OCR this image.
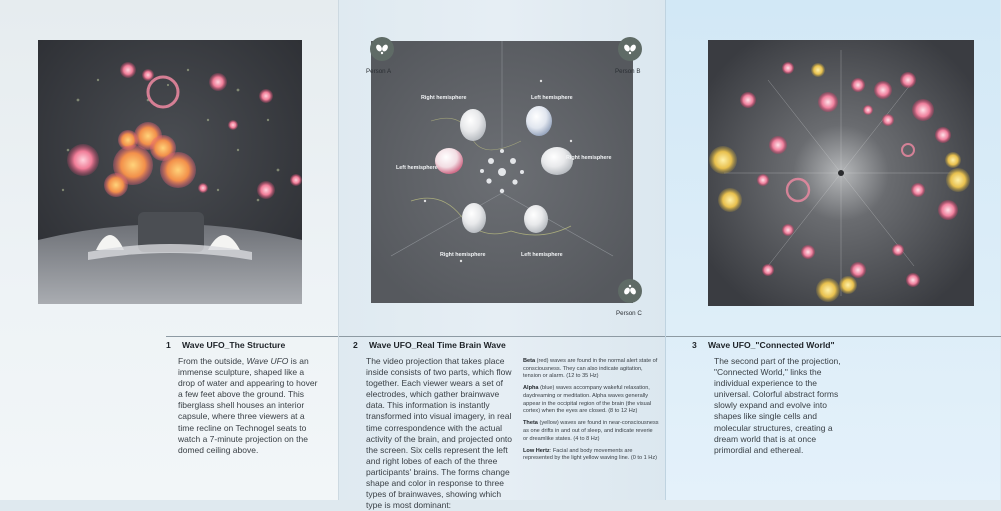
1 Wave UFO_The Structure
From the outside, Wave UFO is an immense sculpture, shaped like a drop of water and appearing to hover a few feet above the ground. This fiberglass shell houses an interior capsule, where three viewers at a time recline on Technogel seats to watch a 7-minute projection on the domed ceiling above.
Right hemisphere	Left hemisphere
Left hemisphere
Right hemisphere
Right hemisphere	Left hemisphere
Person A	Person B
Person C
2 Wave UFO_Real Time Brain Wave
The video projection that takes place inside consists of two parts, which flow together. Each viewer wears a set of electrodes, which gather brainwave data. This information is instantly transformed into visual imagery, in real time correspondence with the actual activity of the brain, and projected onto the screen. Six cells represent the left and right lobes of each of the three participants' brains. The forms change shape and color in response to three types of brainwaves, showing which type is most dominant:
Beta (red) waves are found in the normal alert state of consciousness. They can also indicate agitation, tension or alarm. (12 to 35 Hz)
Alpha (blue) waves accompany wakeful relaxation, daydreaming or meditation. Alpha waves generally appear in the occipital region of the brain (the visual cortex) when the eyes are closed. (8 to 12 Hz)
Theta (yellow) waves are found in near-consciousness as one drifts in and out of sleep, and indicate reverie or dreamlike states. (4 to 8 Hz)
Low Hertz: Facial and body movements are represented by the light yellow waving line. (0 to 1 Hz)
3 Wave UFO_"Connected World"
The second part of the projection, "Connected World," links the individual experience to the universal. Colorful abstract forms slowly expand and evolve into shapes like single cells and molecular structures, creating a dream world that is at once primordial and ethereal.
